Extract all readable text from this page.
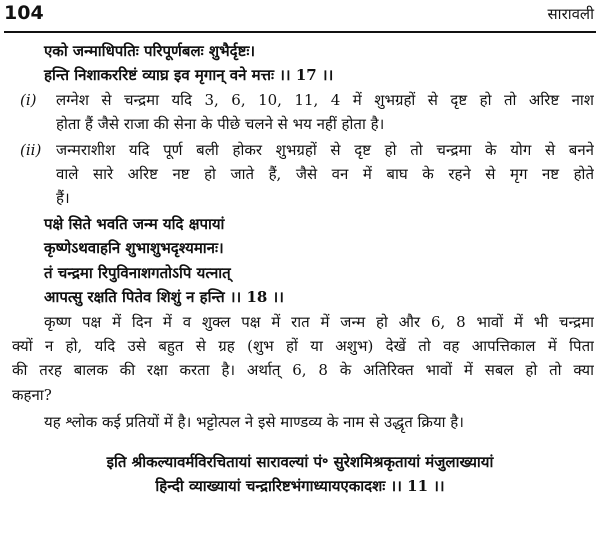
104	सारावली
एको जन्माधिपतिः परिपूर्णबलः शुभैर्दृष्टः।
हन्ति निशाकररिष्टं व्याघ्र इव मृगान् वने मत्तः ।। 17 ।।
(i) लग्नेश से चन्द्रमा यदि 3, 6, 10, 11, 4 में शुभग्रहों से दृष्ट हो तो अरिष्ट नाश
होता हैं जैसे राजा की सेना के पीछे चलने से भय नहीं होता है।
(ii) जन्मराशीश यदि पूर्ण बली होकर शुभग्रहों से दृष्ट हो तो चन्द्रमा के योग से बनने
वाले सारे अरिष्ट नष्ट हो जाते हैं, जैसे वन में बाघ के रहने से मृग नष्ट होते
हैं।
पक्षे सिते भवति जन्म यदि क्षपायां
कृष्णेऽथवाहनि शुभाशुभदृश्यमानः।
तं चन्द्रमा रिपुविनाशगतोऽपि यत्नात्
आपत्सु रक्षति पितेव शिशुं न हन्ति ।। 18 ।।
कृष्ण पक्ष में दिन में व शुक्ल पक्ष में रात में जन्म हो और 6, 8 भावों में भी चन्द्रमा
क्यों न हो, यदि उसे बहुत से ग्रह (शुभ हों या अशुभ) देखें तो वह आपत्तिकाल में पिता
की तरह बालक की रक्षा करता है। अर्थात् 6, 8 के अतिरिक्त भावों में सबल हो तो क्या
कहना?
यह श्लोक कई प्रतियों में है। भट्टोत्पल ने इसे माण्डव्य के नाम से उद्धृत क्रिया है।
इति श्रीकल्यावर्मविरचितायां सारावल्यां पं॰ सुरेशमिश्रकृतायां मंजुलाख्यायां
हिन्दी व्याख्यायां चन्द्रारिष्टभंगाध्यायएकादशः ।। 11 ।।
